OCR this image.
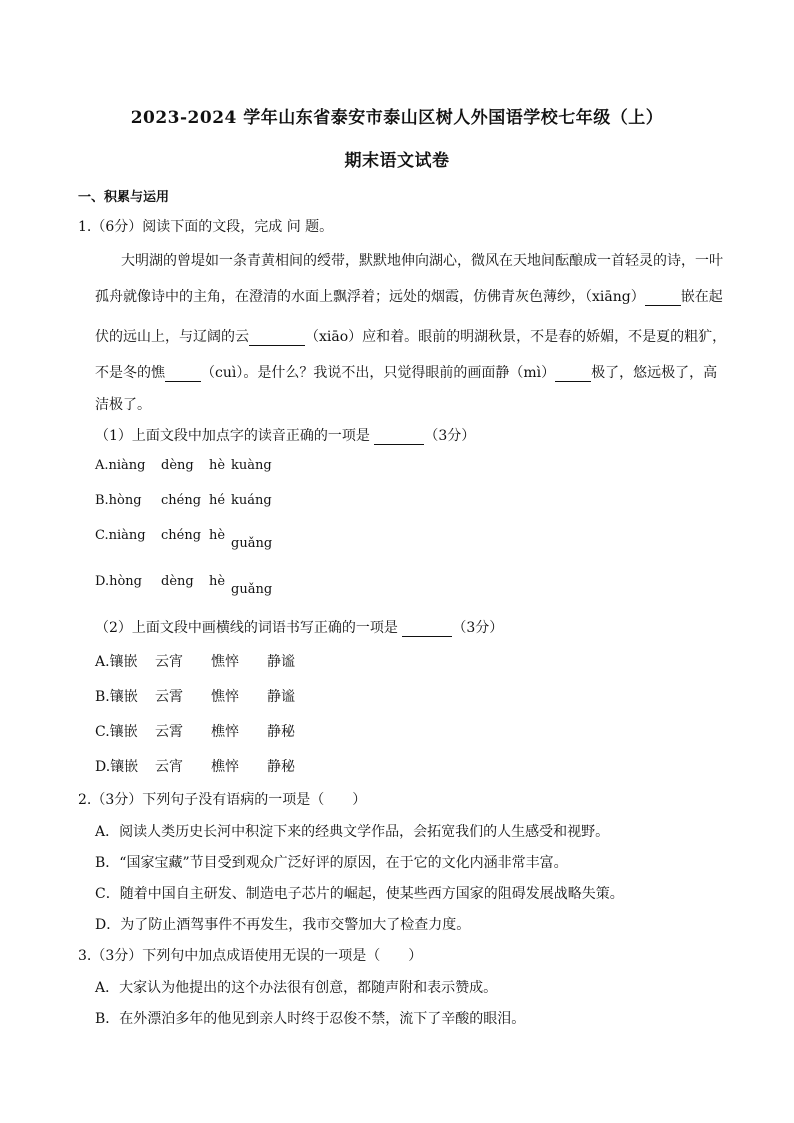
2023-2024 学年山东省泰安市泰山区树人外国语学校七年级（上）
期末语文试卷
一、积累与运用
1.（6分）阅读下面的文段，完成 问 题。
大明湖的曾堤如一条青黄相间的绶带，默默地伸向湖心，微风在天地间酝酿成一首轻灵的诗，一叶
孤舟就像诗中的主角，在澄清的水面上飘浮着；远处的烟霞，仿佛青灰色薄纱，（xiāng）	嵌在起
伏的远山上，与辽阔的云	（xiāo）应和着。眼前的明湖秋景，不是春的娇媚，不是夏的粗犷，
不是冬的憔	（cuì）。是什么？我说不出，只觉得眼前的画面静（mì）	极了，悠远极了，高
洁极了。
（1）上面文段中加点字的读音正确的一项是	（3分）
A.niàng dèng hè kuàng
B.hòng chéng hé kuáng
C.niàng chéng hèguǎng
D.hòng dèng hèguǎng
（2）上面文段中画横线的词语书写正确的一项是	（3分）
A.镶嵌 云宵 憔悴 静谧
B.镶嵌 云霄 憔悴 静谧
C.镶嵌 云霄 樵悴 静秘
D.镶嵌 云宵 樵悴 静秘
2.（3分）下列句子没有语病的一项是（　　）
A．阅读人类历史长河中积淀下来的经典文学作品，会拓宽我们的人生感受和视野。
B．“国家宝藏”节目受到观众广泛好评的原因，在于它的文化内涵非常丰富。
C．随着中国自主研发、制造电子芯片的崛起，使某些西方国家的阻碍发展战略失策。
D．为了防止酒驾事件不再发生，我市交警加大了检查力度。
3.（3分）下列句中加点成语使用无误的一项是（　　）
A．大家认为他提出的这个办法很有创意，都随声附和表示赞成。
B．在外漂泊多年的他见到亲人时终于忍俊不禁，流下了辛酸的眼泪。
